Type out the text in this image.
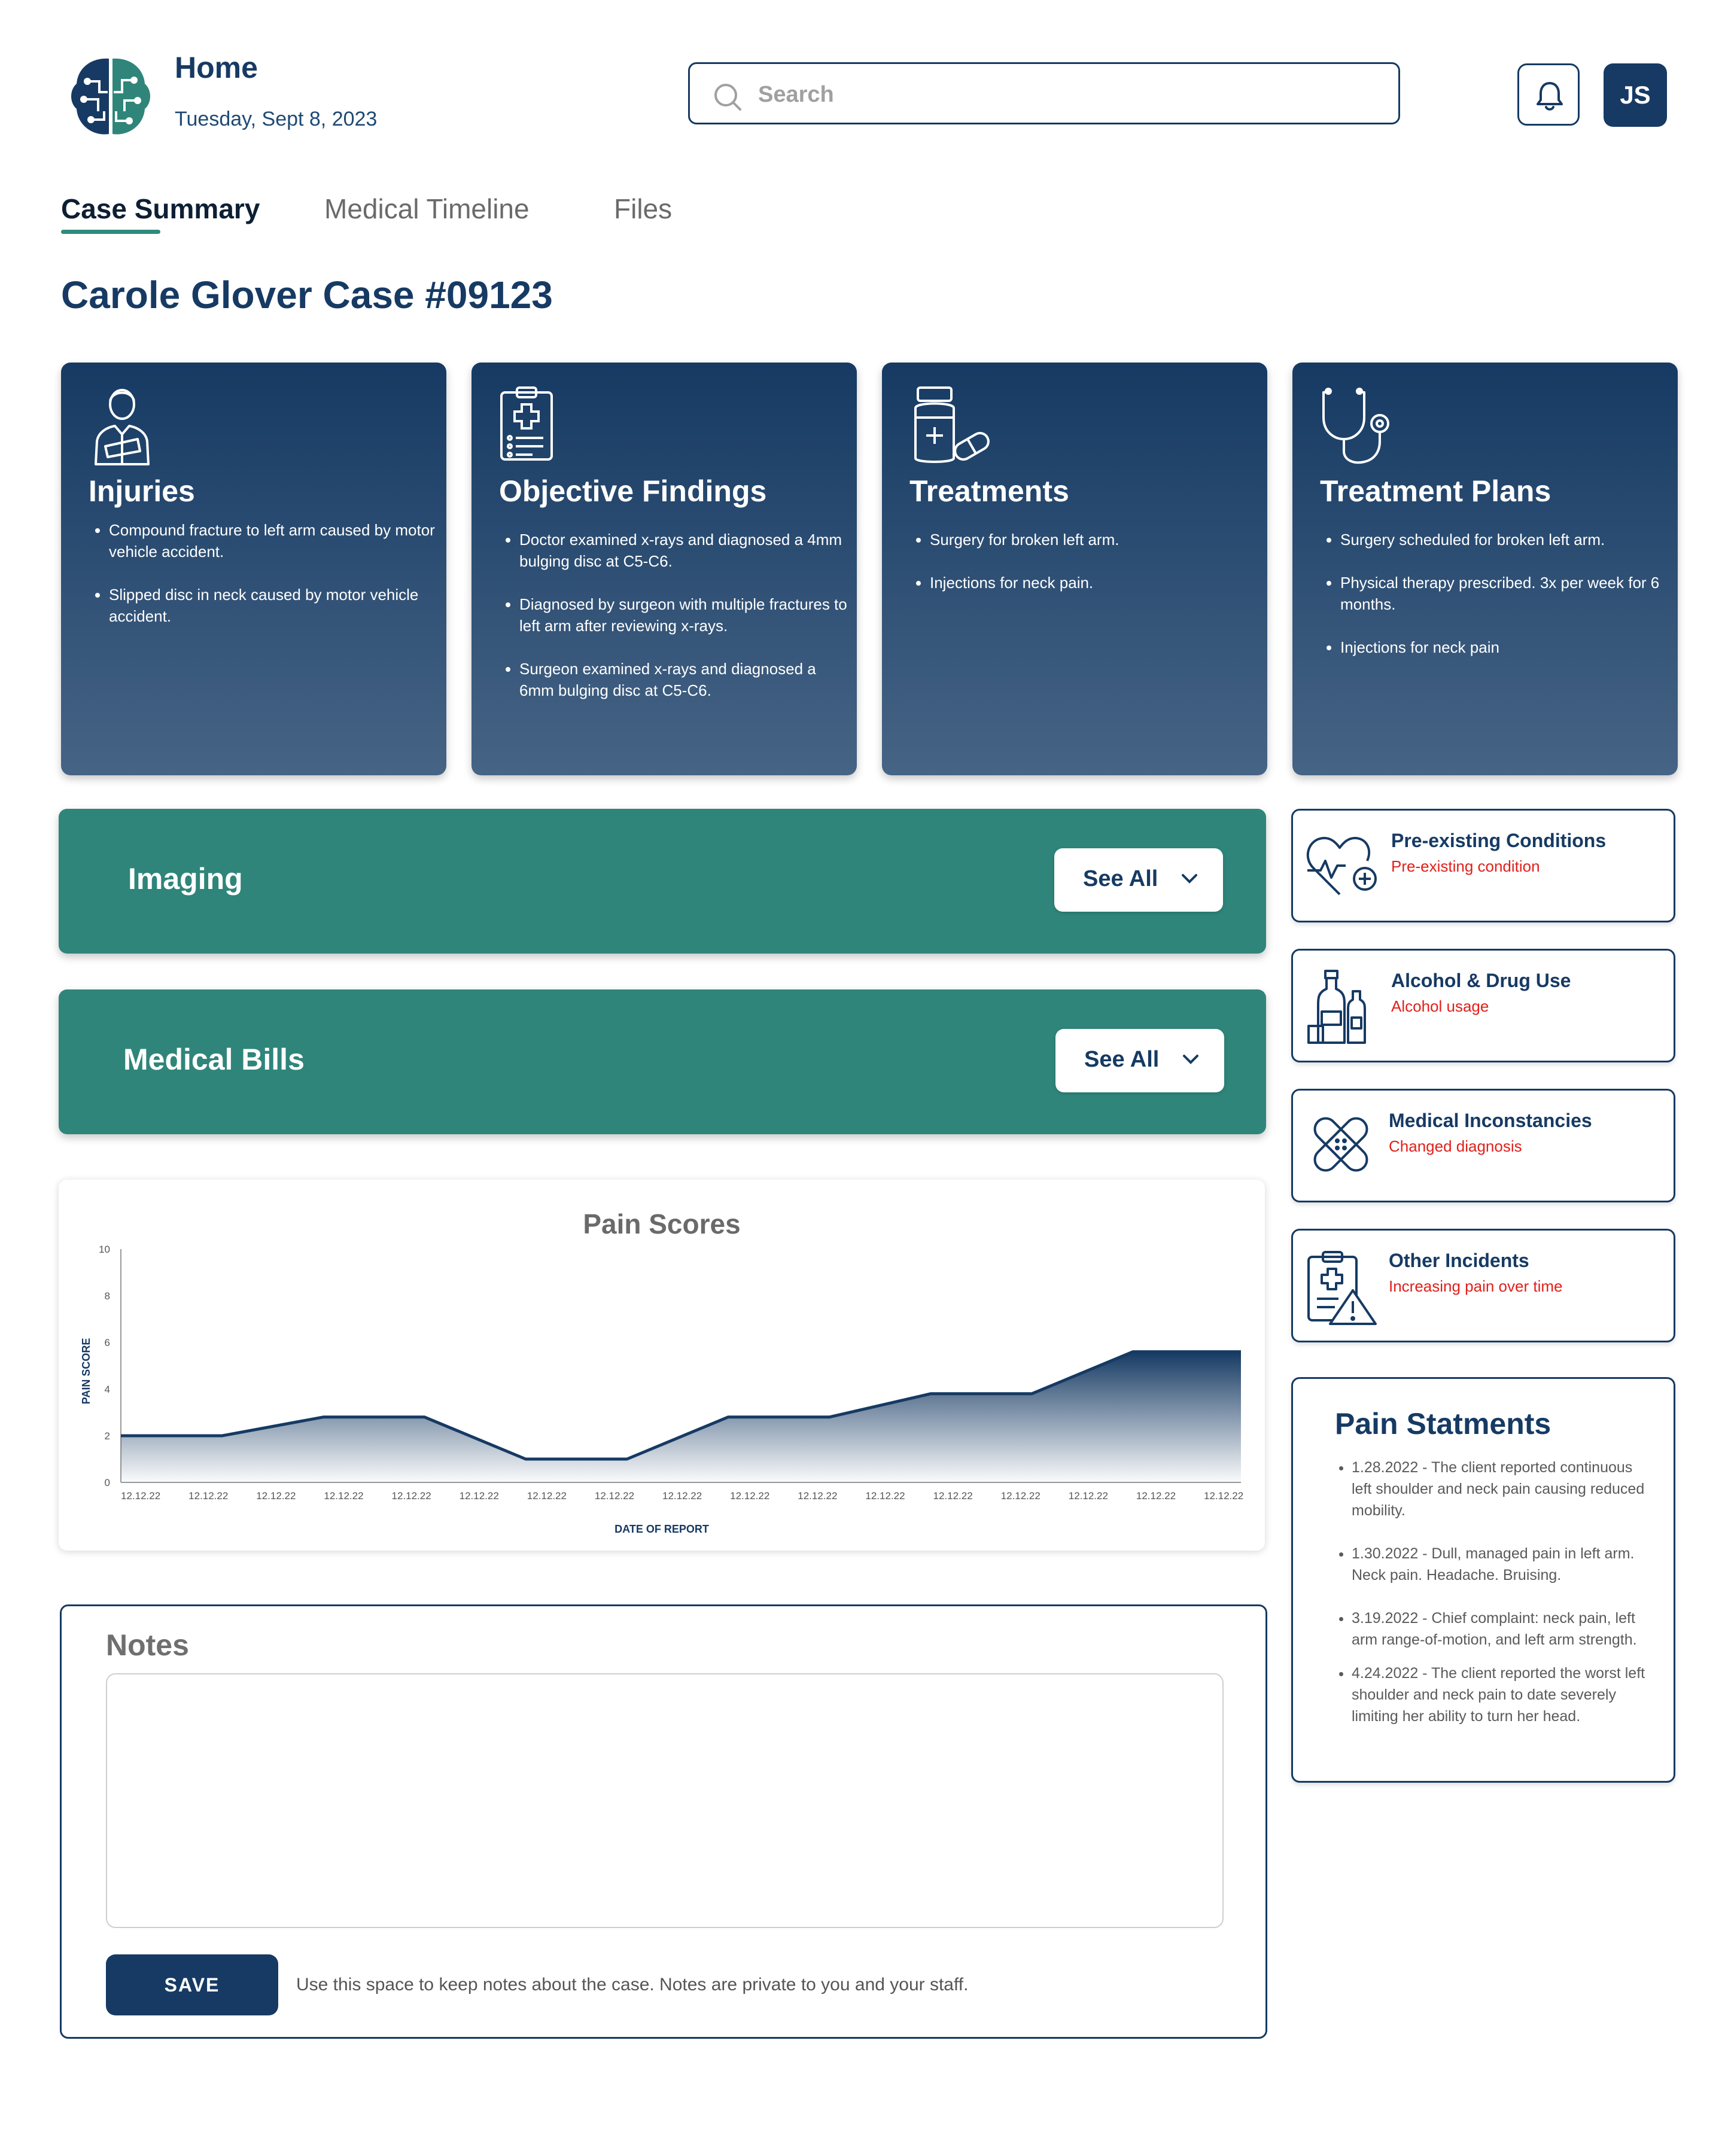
Home
Tuesday, Sept 8, 2023
Search
JS
Case Summary Medical Timeline	Files
Carole Glover Case #09123
Injuries
• Compound fracture to left arm caused by motor vehicle accident.
• Slipped disc in neck caused by motor vehicle accident.
Objective Findings
• Doctor examined x-rays and diagnosed a 4mm bulging disc at C5-C6.
• Diagnosed by surgeon with multiple fractures to left arm after reviewing x-rays.
• Surgeon examined x-rays and diagnosed a 6mm bulging disc at C5-C6.
Treatments
• Surgery for broken left arm.
• Injections for neck pain.
Treatment Plans
• Surgery scheduled for broken left arm.
• Physical therapy prescribed. 3x per week for 6 months.
• Injections for neck pain
Imaging	See All
Medical Bills	See All
Pain Scores
0
2
4
6
8
10
12.12.22	12.12.22	12.12.22	12.12.22	12.12.22	12.12.22	12.12.22	12.12.22	12.12.22	12.12.22	12.12.22	12.12.22	12.12.22	12.12.22	12.12.22	12.12.22	12.12.22
DATE OF REPORT
PAIN SCORE
Pre-existing Conditions
Pre-existing condition
Alcohol & Drug Use
Alcohol usage
Medical Inconstancies
Changed diagnosis
Other Incidents
Increasing pain over time
Pain Statments
• 1.28.2022 - The client reported continuous left shoulder and neck pain causing reduced mobility.
• 1.30.2022 - Dull, managed pain in left arm. Neck pain. Headache. Bruising.
• 3.19.2022 - Chief complaint: neck pain, left arm range-of-motion, and left arm strength.
• 4.24.2022 - The client reported the worst left shoulder and neck pain to date severely limiting her ability to turn her head.
Notes
SAVE	Use this space to keep notes about the case. Notes are private to you and your staff.
